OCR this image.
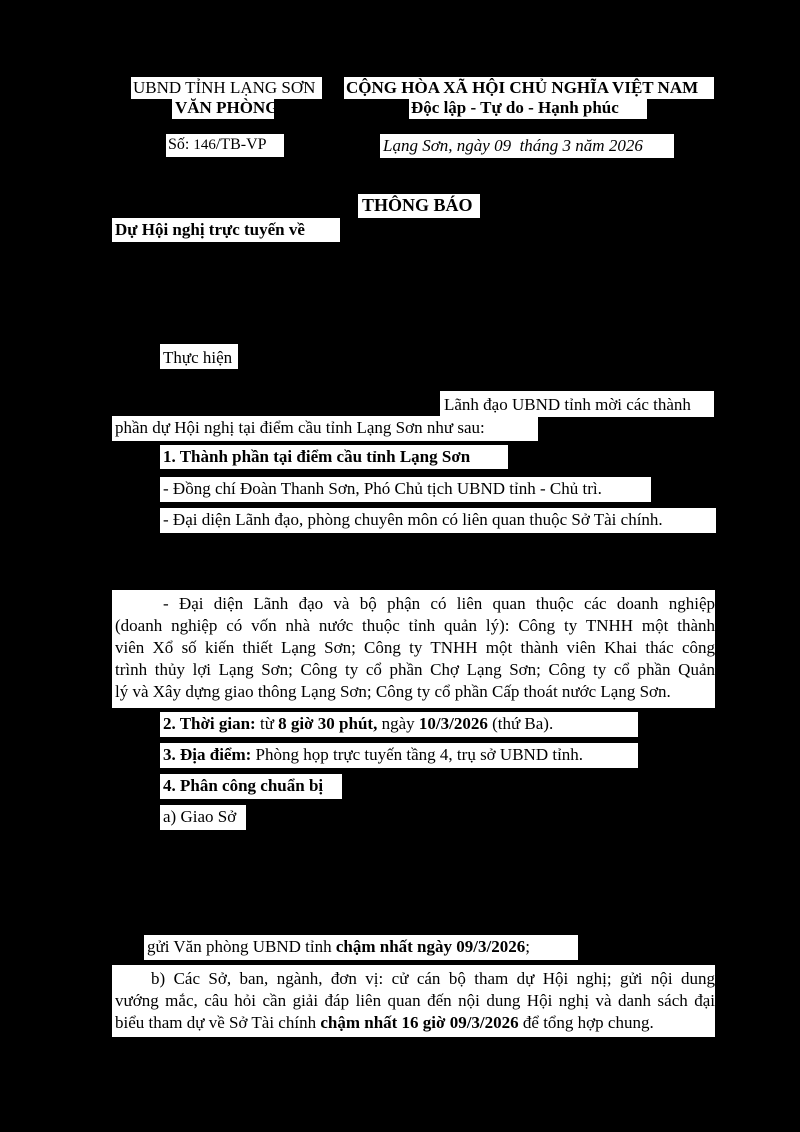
UBND TỈNH LẠNG SƠN
VĂN PHÒNG
Số: 146/TB-VP
CỘNG HÒA XÃ HỘI CHỦ NGHĨA VIỆT NAM
Độc lập - Tự do - Hạnh phúc
Lạng Sơn, ngày 09 tháng 3 năm 2026
THÔNG BÁO
Dự Hội nghị trực tuyến về
Thực hiện
Lãnh đạo UBND tỉnh mời các thành
phần dự Hội nghị tại điểm cầu tỉnh Lạng Sơn như sau:
1. Thành phần tại điểm cầu tỉnh Lạng Sơn
- Đồng chí Đoàn Thanh Sơn, Phó Chủ tịch UBND tỉnh - Chủ trì.
- Đại diện Lãnh đạo, phòng chuyên môn có liên quan thuộc Sở Tài chính.
- Đại diện Lãnh đạo và bộ phận có liên quan thuộc các doanh nghiệp
(doanh nghiệp có vốn nhà nước thuộc tỉnh quản lý): Công ty TNHH một thành
viên Xổ số kiến thiết Lạng Sơn; Công ty TNHH một thành viên Khai thác công
trình thủy lợi Lạng Sơn; Công ty cổ phần Chợ Lạng Sơn; Công ty cổ phần Quản
lý và Xây dựng giao thông Lạng Sơn; Công ty cổ phần Cấp thoát nước Lạng Sơn.
2. Thời gian: từ 8 giờ 30 phút, ngày 10/3/2026 (thứ Ba).
3. Địa điểm: Phòng họp trực tuyến tầng 4, trụ sở UBND tỉnh.
4. Phân công chuẩn bị
a) Giao Sở
gửi Văn phòng UBND tỉnh chậm nhất ngày 09/3/2026;
b) Các Sở, ban, ngành, đơn vị: cử cán bộ tham dự Hội nghị; gửi nội dung
vướng mắc, câu hỏi cần giải đáp liên quan đến nội dung Hội nghị và danh sách đại
biểu tham dự về Sở Tài chính chậm nhất 16 giờ 09/3/2026 để tổng hợp chung.
